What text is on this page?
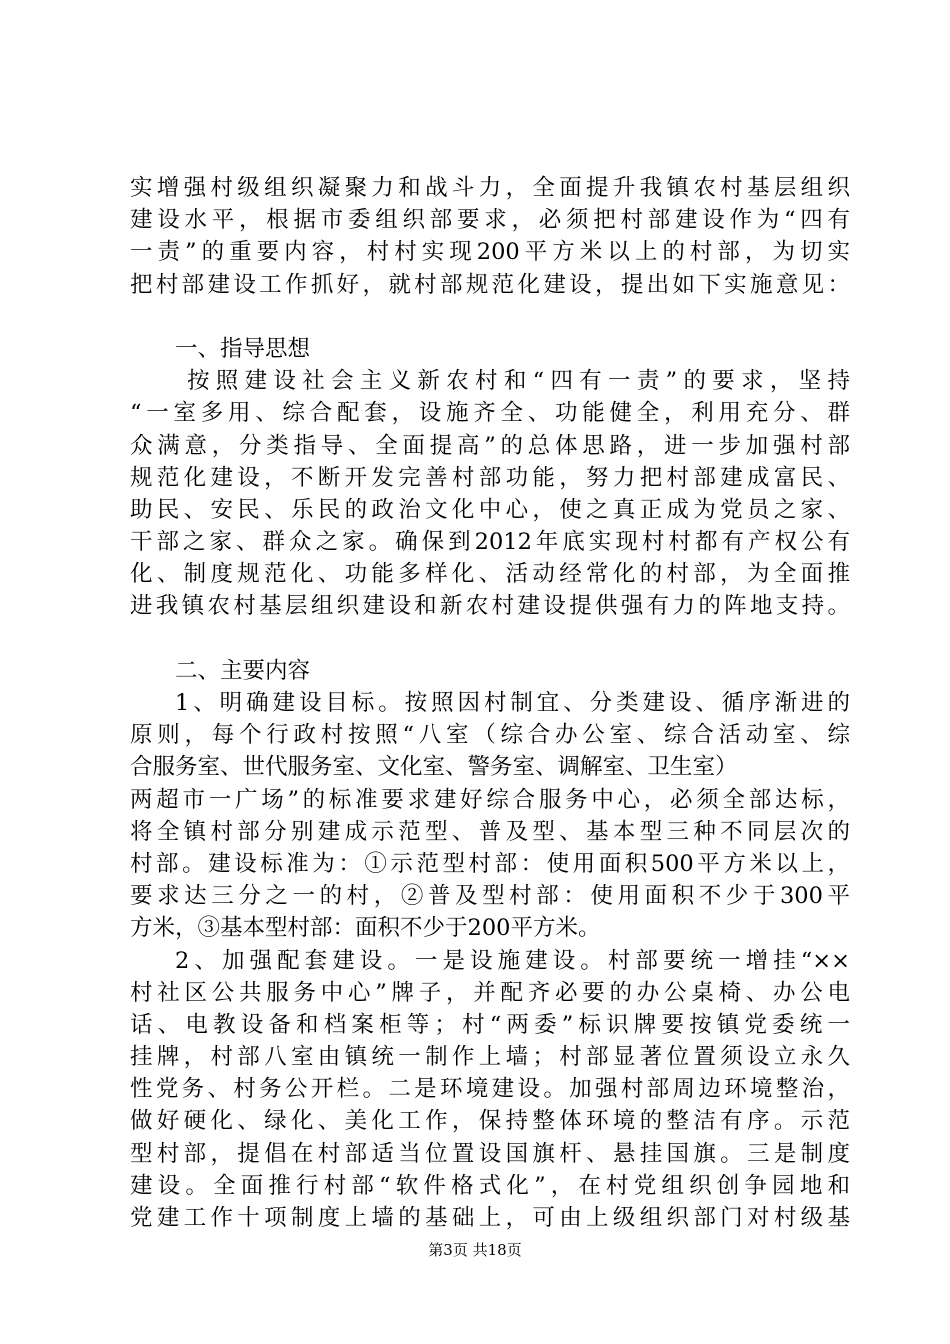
实增强村级组织凝聚力和战斗力，全面提升我镇农村基层组织
建设水平，根据市委组织部要求，必须把村部建设作为“四有
一责”的重要内容，村村实现200平方米以上的村部，为切实
把村部建设工作抓好，就村部规范化建设，提出如下实施意见：
一、指导思想
按照建设社会主义新农村和“四有一责”的要求，坚持
“一室多用、综合配套，设施齐全、功能健全，利用充分、群
众满意，分类指导、全面提高”的总体思路，进一步加强村部
规范化建设，不断开发完善村部功能，努力把村部建成富民、
助民、安民、乐民的政治文化中心，使之真正成为党员之家、
干部之家、群众之家。确保到2012年底实现村村都有产权公有
化、制度规范化、功能多样化、活动经常化的村部，为全面推
进我镇农村基层组织建设和新农村建设提供强有力的阵地支持。
二、主要内容
1、明确建设目标。按照因村制宜、分类建设、循序渐进的
原则，每个行政村按照“八室（综合办公室、综合活动室、综
合服务室、世代服务室、文化室、警务室、调解室、卫生室）
两超市一广场”的标准要求建好综合服务中心，必须全部达标，
将全镇村部分别建成示范型、普及型、基本型三种不同层次的
村部。建设标准为：①示范型村部：使用面积500平方米以上，
要求达三分之一的村，②普及型村部：使用面积不少于300平
方米，③基本型村部：面积不少于200平方米。
2、加强配套建设。一是设施建设。村部要统一增挂“××
村社区公共服务中心”牌子，并配齐必要的办公桌椅、办公电
话、电教设备和档案柜等；村“两委”标识牌要按镇党委统一
挂牌，村部八室由镇统一制作上墙；村部显著位置须设立永久
性党务、村务公开栏。二是环境建设。加强村部周边环境整治，
做好硬化、绿化、美化工作，保持整体环境的整洁有序。示范
型村部，提倡在村部适当位置设国旗杆、悬挂国旗。三是制度
建设。全面推行村部“软件格式化”，在村党组织创争园地和
党建工作十项制度上墙的基础上，可由上级组织部门对村级基
第3页 共18页
